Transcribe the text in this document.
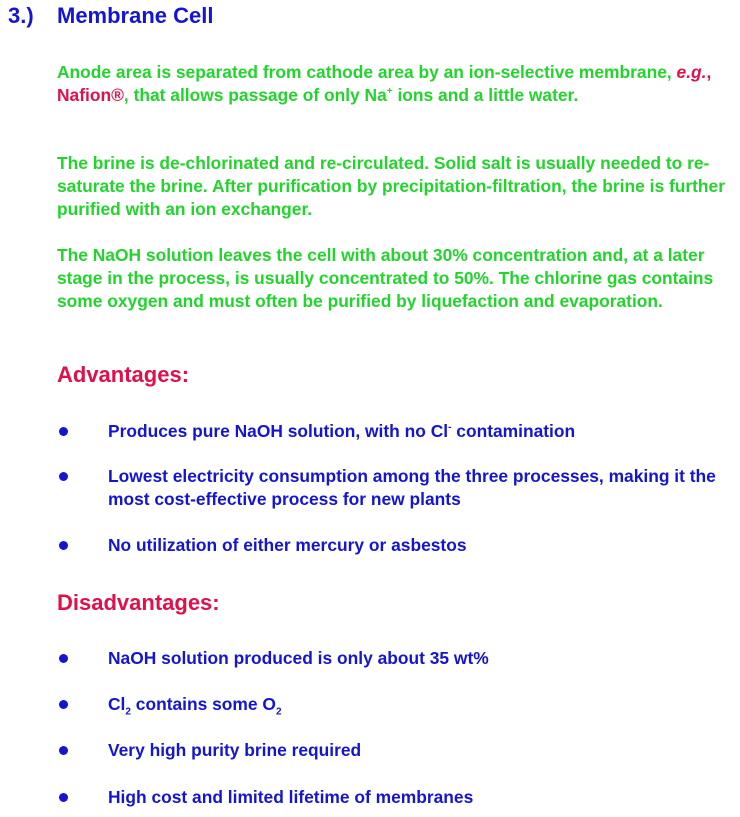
3.) Membrane Cell
Anode area is separated from cathode area by an ion-selective membrane, e.g., Nafion®, that allows passage of only Na+ ions and a little water.
The brine is de-chlorinated and re-circulated. Solid salt is usually needed to re-saturate the brine. After purification by precipitation-filtration, the brine is further purified with an ion exchanger.
The NaOH solution leaves the cell with about 30% concentration and, at a later stage in the process, is usually concentrated to 50%. The chlorine gas contains some oxygen and must often be purified by liquefaction and evaporation.
Advantages:
Produces pure NaOH solution, with no Cl- contamination
Lowest electricity consumption among the three processes, making it the most cost-effective process for new plants
No utilization of either mercury or asbestos
Disadvantages:
NaOH solution produced is only about 35 wt%
$Cl_2$ contains some $O_2$
Very high purity brine required
High cost and limited lifetime of membranes
